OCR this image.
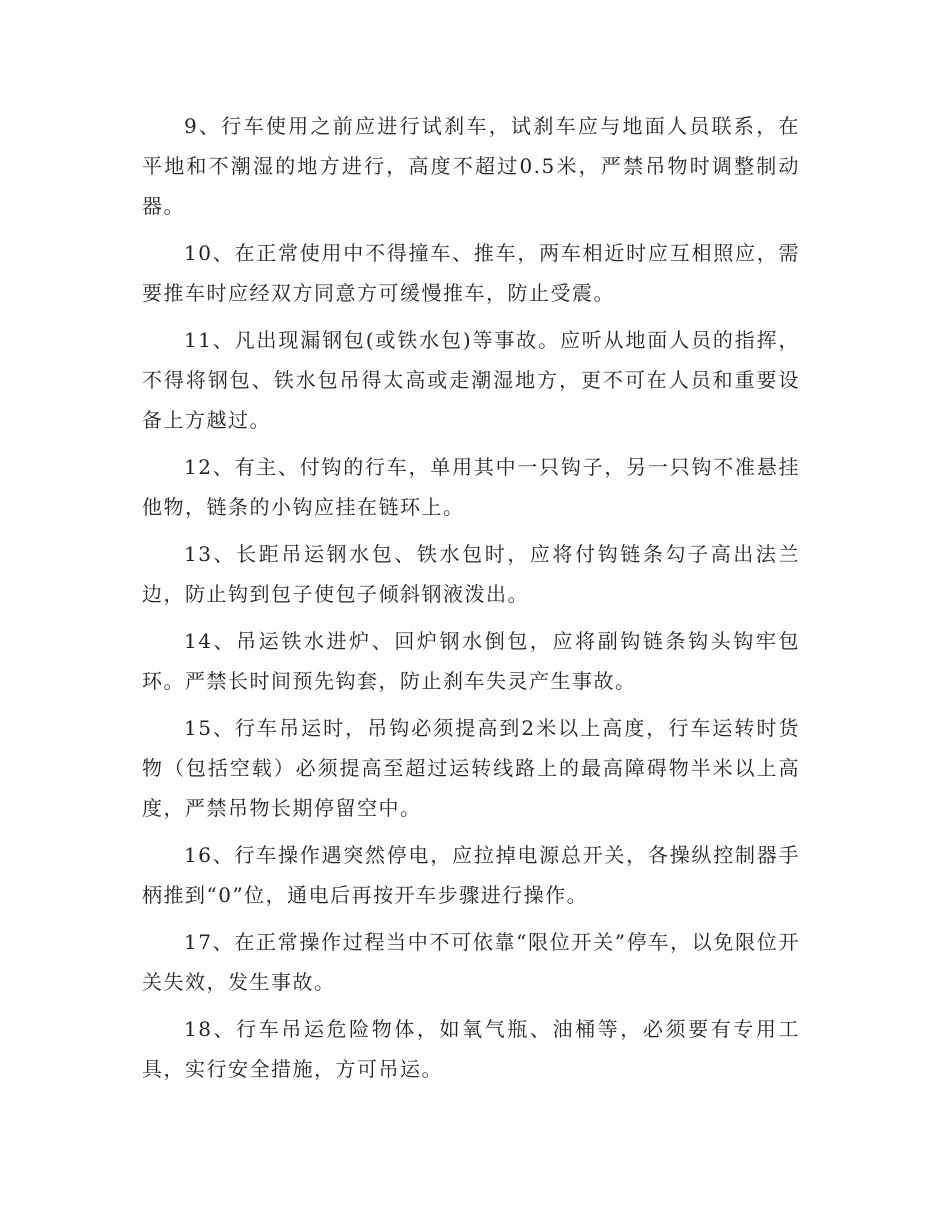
9、行车使用之前应进行试刹车，试刹车应与地面人员联系，在平地和不潮湿的地方进行，高度不超过0.5米，严禁吊物时调整制动器。

10、在正常使用中不得撞车、推车，两车相近时应互相照应，需要推车时应经双方同意方可缓慢推车，防止受震。

11、凡出现漏钢包(或铁水包)等事故。应听从地面人员的指挥，不得将钢包、铁水包吊得太高或走潮湿地方，更不可在人员和重要设备上方越过。

12、有主、付钩的行车，单用其中一只钩子，另一只钩不准悬挂他物，链条的小钩应挂在链环上。

13、长距吊运钢水包、铁水包时，应将付钩链条勾子高出法兰边，防止钩到包子使包子倾斜钢液泼出。

14、吊运铁水进炉、回炉钢水倒包，应将副钩链条钩头钩牢包环。严禁长时间预先钩套，防止刹车失灵产生事故。

15、行车吊运时，吊钩必须提高到2米以上高度，行车运转时货物（包括空载）必须提高至超过运转线路上的最高障碍物半米以上高度，严禁吊物长期停留空中。

16、行车操作遇突然停电，应拉掉电源总开关，各操纵控制器手柄推到“0”位，通电后再按开车步骤进行操作。

17、在正常操作过程当中不可依靠“限位开关”停车，以免限位开关失效，发生事故。

18、行车吊运危险物体，如氧气瓶、油桶等，必须要有专用工具，实行安全措施，方可吊运。
